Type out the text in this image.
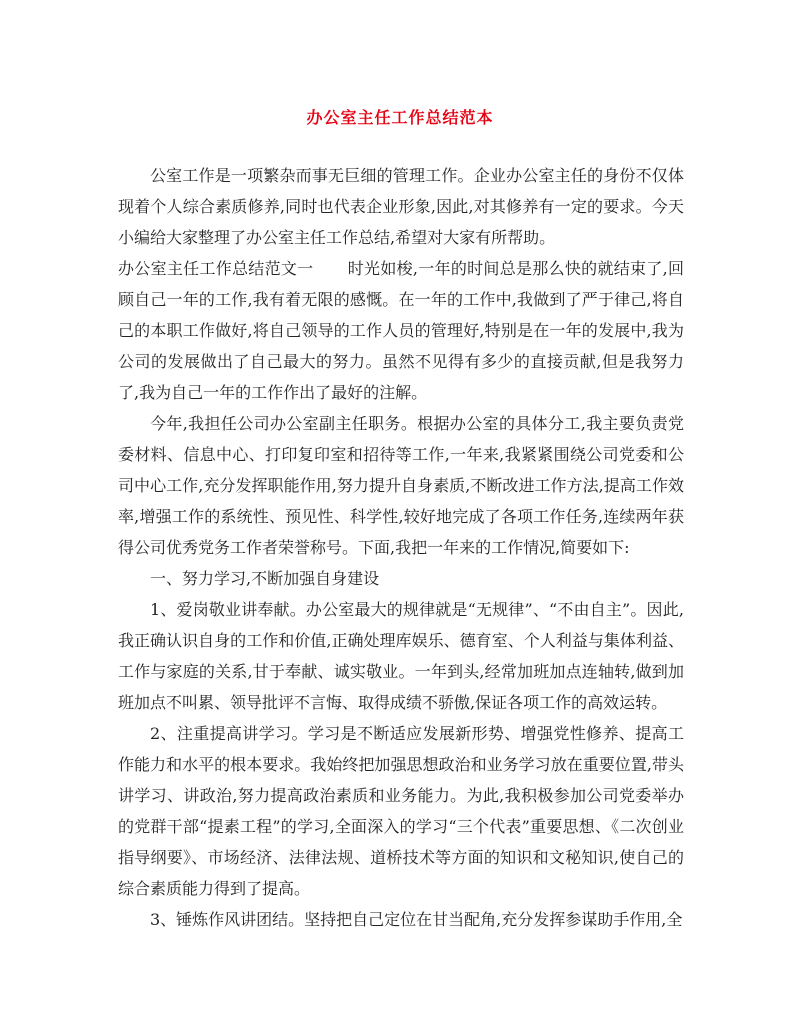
办公室主任工作总结范本

公室工作是一项繁杂而事无巨细的管理工作。企业办公室主任的身份不仅体现着个人综合素质修养,同时也代表企业形象,因此,对其修养有一定的要求。今天小编给大家整理了办公室主任工作总结,希望对大家有所帮助。

办公室主任工作总结范文一 时光如梭,一年的时间总是那么快的就结束了,回顾自己一年的工作,我有着无限的感慨。在一年的工作中,我做到了严于律己,将自己的本职工作做好,将自己领导的工作人员的管理好,特别是在一年的发展中,我为公司的发展做出了自己最大的努力。虽然不见得有多少的直接贡献,但是我努力了,我为自己一年的工作作出了最好的注解。

今年,我担任公司办公室副主任职务。根据办公室的具体分工,我主要负责党委材料、信息中心、打印复印室和招待等工作,一年来,我紧紧围绕公司党委和公司中心工作,充分发挥职能作用,努力提升自身素质,不断改进工作方法,提高工作效率,增强工作的系统性、预见性、科学性,较好地完成了各项工作任务,连续两年获得公司优秀党务工作者荣誉称号。下面,我把一年来的工作情况,简要如下:

一、努力学习,不断加强自身建设

1、爱岗敬业讲奉献。办公室最大的规律就是“无规律”、“不由自主”。因此,我正确认识自身的工作和价值,正确处理库娱乐、德育室、个人利益与集体利益、工作与家庭的关系,甘于奉献、诚实敬业。一年到头,经常加班加点连轴转,做到加班加点不叫累、领导批评不言悔、取得成绩不骄傲,保证各项工作的高效运转。

2、注重提高讲学习。学习是不断适应发展新形势、增强党性修养、提高工作能力和水平的根本要求。我始终把加强思想政治和业务学习放在重要位置,带头讲学习、讲政治,努力提高政治素质和业务能力。为此,我积极参加公司党委举办的党群干部“提素工程”的学习,全面深入的学习“三个代表”重要思想、《二次创业指导纲要》、市场经济、法律法规、道桥技术等方面的知识和文秘知识,使自己的综合素质能力得到了提高。

3、锤炼作风讲团结。坚持把自己定位在甘当配角,充分发挥参谋助手作用,全
